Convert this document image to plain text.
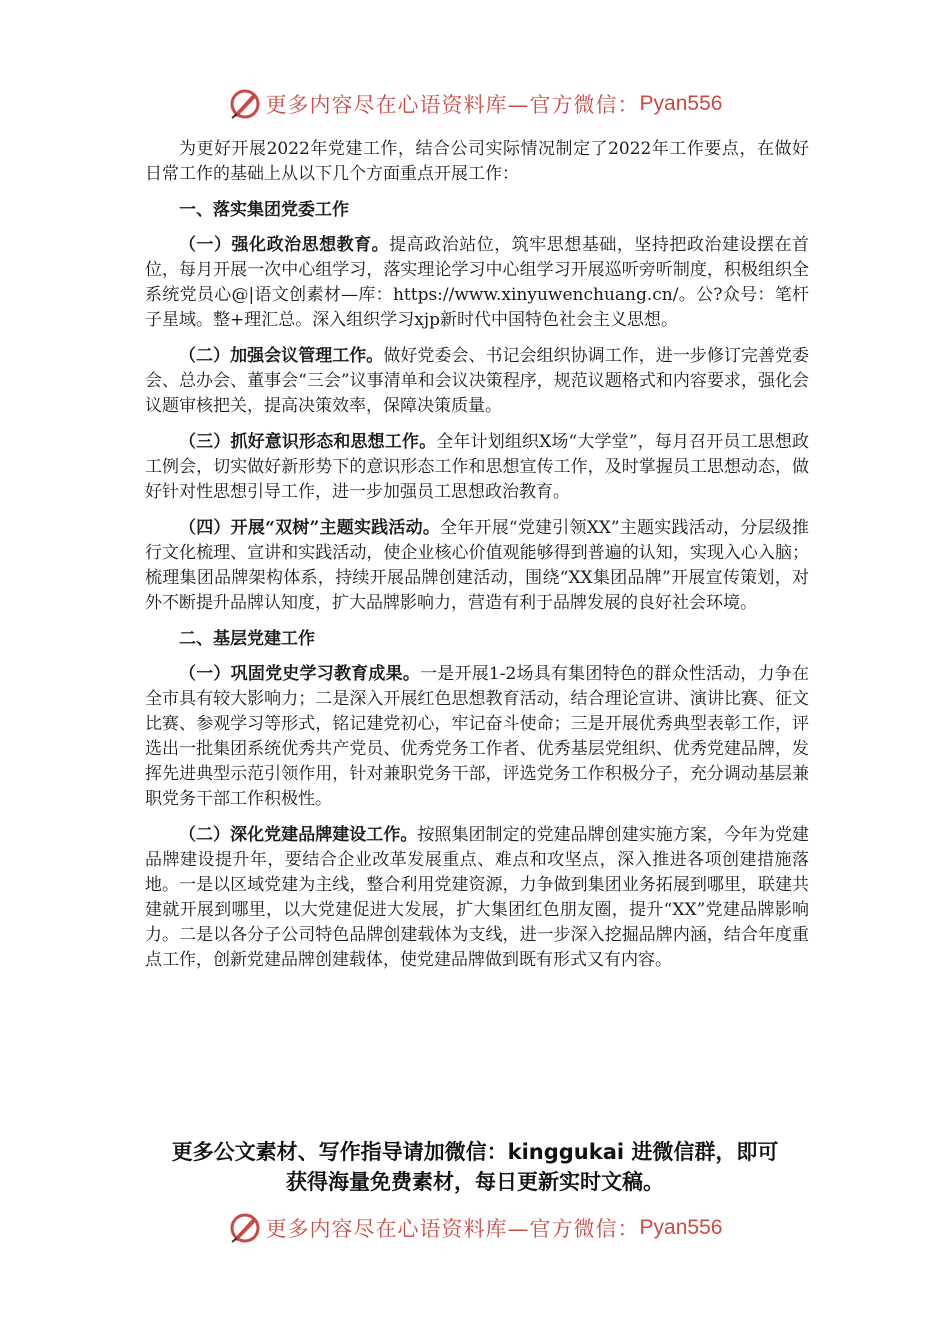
更多内容尽在心语资料库—官方微信： Pyan556

为更好开展2022年党建工作，结合公司实际情况制定了2022年工作要点，在做好日常工作的基础上从以下几个方面重点开展工作：

一、落实集团党委工作

（一）强化政治思想教育。提高政治站位，筑牢思想基础，坚持把政治建设摆在首位，每月开展一次中心组学习，落实理论学习中心组学习开展巡听旁听制度，积极组织全系统党员心@|语文创素材—库：https://www.xinyuwenchuang.cn/。公?众号：笔杆子星域。整+理汇总。深入组织学习xjp新时代中国特色社会主义思想。

（二）加强会议管理工作。做好党委会、书记会组织协调工作，进一步修订完善党委会、总办会、董事会“三会”议事清单和会议决策程序，规范议题格式和内容要求，强化会议题审核把关，提高决策效率，保障决策质量。

（三）抓好意识形态和思想工作。全年计划组织X场“大学堂”，每月召开员工思想政工例会，切实做好新形势下的意识形态工作和思想宣传工作，及时掌握员工思想动态，做好针对性思想引导工作，进一步加强员工思想政治教育。

（四）开展“双树”主题实践活动。全年开展“党建引领XX”主题实践活动，分层级推行文化梳理、宣讲和实践活动，使企业核心价值观能够得到普遍的认知，实现入心入脑；梳理集团品牌架构体系，持续开展品牌创建活动，围绕“XX集团品牌”开展宣传策划，对外不断提升品牌认知度，扩大品牌影响力，营造有利于品牌发展的良好社会环境。

二、基层党建工作

（一）巩固党史学习教育成果。一是开展1-2场具有集团特色的群众性活动，力争在全市具有较大影响力；二是深入开展红色思想教育活动，结合理论宣讲、演讲比赛、征文比赛、参观学习等形式，铭记建党初心，牢记奋斗使命；三是开展优秀典型表彰工作，评选出一批集团系统优秀共产党员、优秀党务工作者、优秀基层党组织、优秀党建品牌，发挥先进典型示范引领作用，针对兼职党务干部，评选党务工作积极分子，充分调动基层兼职党务干部工作积极性。

（二）深化党建品牌建设工作。按照集团制定的党建品牌创建实施方案，今年为党建品牌建设提升年，要结合企业改革发展重点、难点和攻坚点，深入推进各项创建措施落地。一是以区域党建为主线，整合利用党建资源，力争做到集团业务拓展到哪里，联建共建就开展到哪里，以大党建促进大发展，扩大集团红色朋友圈，提升“XX”党建品牌影响力。二是以各分子公司特色品牌创建载体为支线，进一步深入挖掘品牌内涵，结合年度重点工作，创新党建品牌创建载体，使党建品牌做到既有形式又有内容。

更多公文素材、写作指导请加微信：kinggukai 进微信群，即可
获得海量免费素材，每日更新实时文稿。
更多内容尽在心语资料库—官方微信： Pyan556
